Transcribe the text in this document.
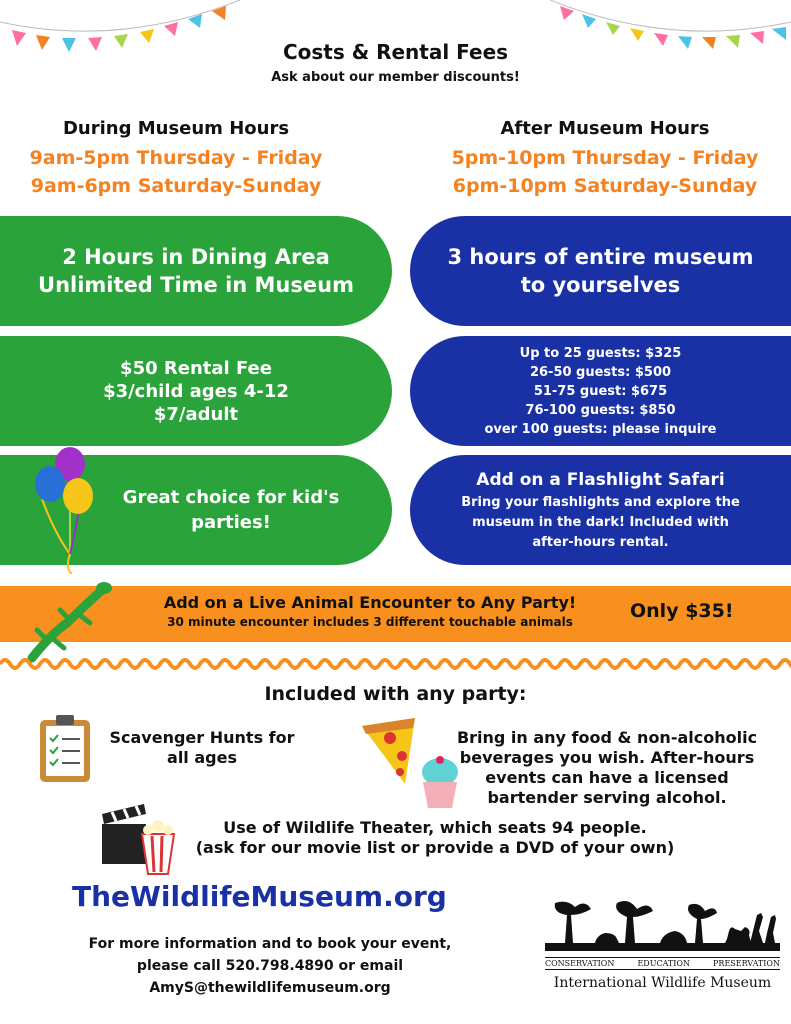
Costs & Rental Fees
Ask about our member discounts!
During Museum Hours
9am-5pm Thursday - Friday
9am-6pm Saturday-Sunday
After Museum Hours
5pm-10pm Thursday - Friday
6pm-10pm Saturday-Sunday
2 Hours in Dining Area
Unlimited Time in Museum
$50 Rental Fee
$3/child ages 4-12
$7/adult
Great choice for kid's
parties!
3 hours of entire museum
to yourselves
Up to 25 guests: $325
26-50 guests: $500
51-75 guest: $675
76-100 guests: $850
over 100 guests: please inquire
Add on a Flashlight Safari
Bring your flashlights and explore the
museum in the dark! Included with
after-hours rental.
Add on a Live Animal Encounter to Any Party!
30 minute encounter includes 3 different touchable animals	Only $35!
Included with any party:
Scavenger Hunts for
all ages
Bring in any food & non-alcoholic
beverages you wish. After-hours
events can have a licensed
bartender serving alcohol.
Use of Wildlife Theater, which seats 94 people.
(ask for our movie list or provide a DVD of your own)
TheWildlifeMuseum.org
For more information and to book your event,
please call 520.798.4890 or email
AmyS@thewildlifemuseum.org
CONSERVATION	EDUCATION	PRESERVATION
International Wildlife Museum
